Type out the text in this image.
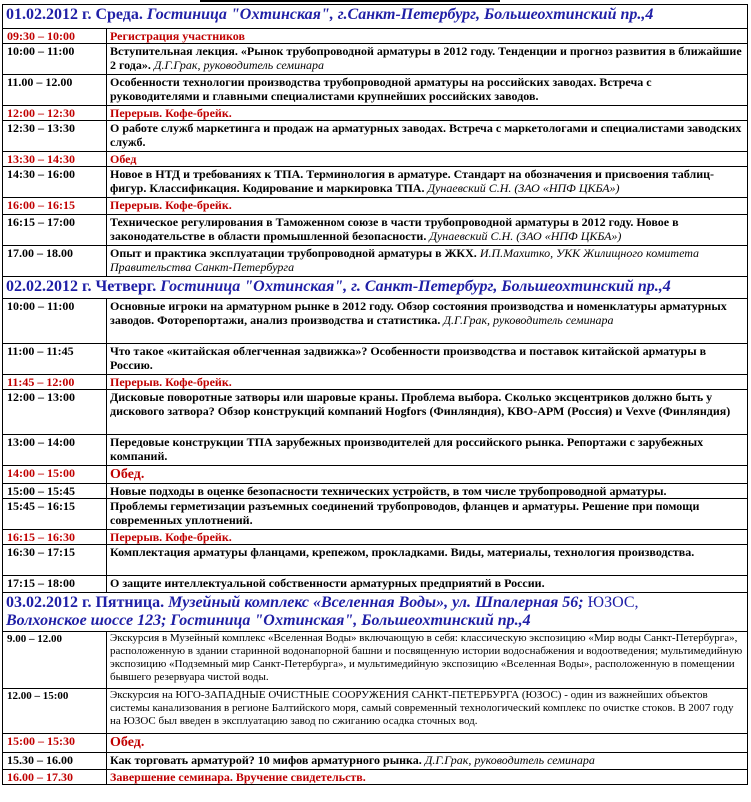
01.02.2012 г. Среда. Гостиница "Охтинская", г.Санкт-Петербург, Большеохтинский пр.,4	
09:30 – 10:00	Регистрация участников
10:00 – 11:00	Вступительная лекция. «Рынок трубопроводной арматуры в 2012 году. Тенденции и прогноз развития в ближайшие 2 года». Д.Г.Грак, руководитель семинара
11.00 – 12.00	Особенности технологии производства трубопроводной арматуры на российских заводах. Встреча с руководителями и главными специалистами крупнейших российских заводов.
12:00 – 12:30	Перерыв. Кофе-брейк.
12:30 – 13:30	О работе служб маркетинга и продаж на арматурных заводах. Встреча с маркетологами и специалистами заводских служб.
13:30 – 14:30	Обед
14:30 – 16:00	Новое в НТД и требованиях к ТПА. Терминология в арматуре. Стандарт на обозначения и присвоения таблиц-фигур. Классификация. Кодирование и маркировка ТПА. Дунаевский С.Н. (ЗАО «НПФ ЦКБА»)
16:00 – 16:15	Перерыв. Кофе-брейк.
16:15 – 17:00	Техническое регулирования в Таможенном союзе в части трубопроводной арматуры в 2012 году. Новое в законодательстве в области промышленной безопасности. Дунаевский С.Н. (ЗАО «НПФ ЦКБА»)
17.00 – 18.00	Опыт и практика эксплуатации трубопроводной арматуры в ЖКХ. И.П.Махитко, УКК Жилищного комитета Правительства Санкт-Петербурга
02.02.2012 г. Четверг. Гостиница "Охтинская", г. Санкт-Петербург, Большеохтинский пр.,4	
10:00 – 11:00	Основные игроки на арматурном рынке в 2012 году. Обзор состояния производства и номенклатуры арматурных заводов. Фоторепортажи, анализ производства и статистика. Д.Г.Грак, руководитель семинара
11:00 – 11:45	Что такое «китайская облегченная задвижка»? Особенности производства и поставок китайской арматуры в Россию.
11:45 – 12:00	Перерыв. Кофе-брейк.
12:00 – 13:00	Дисковые поворотные затворы или шаровые краны. Проблема выбора. Сколько эксцентриков должно быть у дискового затвора? Обзор конструкций компаний Hogfors (Финляндия), КВО-АРМ (Россия) и Vexve (Финляндия)
13:00 – 14:00	Передовые конструкции ТПА зарубежных производителей для российского рынка. Репортажи с зарубежных компаний.
14:00 – 15:00	Обед.
15:00 – 15:45	Новые подходы в оценке безопасности технических устройств, в том числе трубопроводной арматуры.
15:45 – 16:15	Проблемы герметизации разъемных соединений трубопроводов, фланцев и арматуры. Решение при помощи современных уплотнений.
16:15 – 16:30	Перерыв. Кофе-брейк.
16:30 – 17:15	Комплектация арматуры фланцами, крепежом, прокладками. Виды, материалы, технология производства.
17:15 – 18:00	О защите интеллектуальной собственности арматурных предприятий в России.
03.02.2012 г. Пятница. Музейный комплекс «Вселенная Воды», ул. Шпалерная 56; ЮЗОС,
Волхонское шоссе 123; Гостиница "Охтинская", Большеохтинский пр.,4	
9.00 – 12.00	Экскурсия в Музейный комплекс «Вселенная Воды» включающую в себя: классическую экспозицию «Мир воды Санкт-Петербурга», расположенную в здании старинной водонапорной башни и посвященную истории водоснабжения и водоотведения; мультимедийную экспозицию «Подземный мир Санкт-Петербурга», и мультимедийную экспозицию «Вселенная Воды», расположенную в помещении бывшего резервуара чистой воды.
12.00 – 15:00	Экскурсия на ЮГО-ЗАПАДНЫЕ ОЧИСТНЫЕ СООРУЖЕНИЯ САНКТ-ПЕТЕРБУРГА (ЮЗОС) - один из важнейших объектов системы канализования в регионе Балтийского моря, самый современный технологический комплекс по очистке стоков. В 2007 году на ЮЗОС был введен в эксплуатацию завод по сжиганию осадка сточных вод.
15:00 – 15:30	Обед.
15.30 – 16.00	Как торговать арматурой? 10 мифов арматурного рынка. Д.Г.Грак, руководитель семинара
16.00 – 17.30	Завершение семинара. Вручение свидетельств.
